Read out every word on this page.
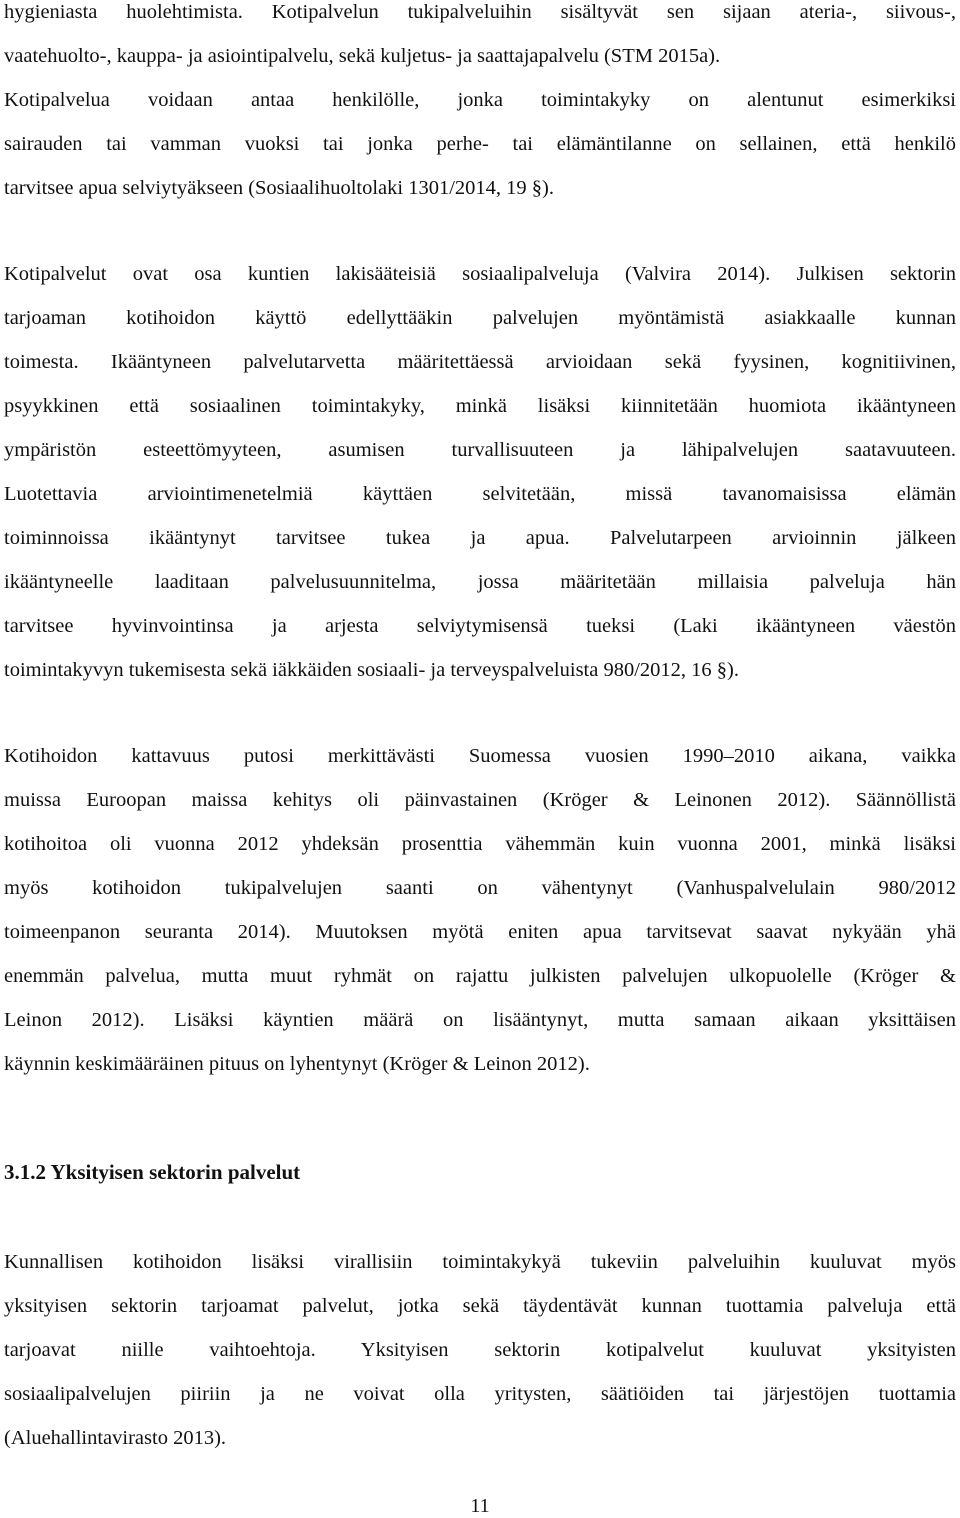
hygieniasta huolehtimista. Kotipalvelun tukipalveluihin sisältyvät sen sijaan ateria-, siivous-,

vaatehuolto-, kauppa- ja asiointipalvelu, sekä kuljetus- ja saattajapalvelu (STM 2015a).

Kotipalvelua voidaan antaa henkilölle, jonka toimintakyky on alentunut esimerkiksi

sairauden tai vamman vuoksi tai jonka perhe- tai elämäntilanne on sellainen, että henkilö

tarvitsee apua selviytyäkseen (Sosiaalihuoltolaki 1301/2014, 19 §).

Kotipalvelut ovat osa kuntien lakisääteisiä sosiaalipalveluja (Valvira 2014). Julkisen sektorin

tarjoaman kotihoidon käyttö edellyttääkin palvelujen myöntämistä asiakkaalle kunnan

toimesta. Ikääntyneen palvelutarvetta määritettäessä arvioidaan sekä fyysinen, kognitiivinen,

psyykkinen että sosiaalinen toimintakyky, minkä lisäksi kiinnitetään huomiota ikääntyneen

ympäristön esteettömyyteen, asumisen turvallisuuteen ja lähipalvelujen saatavuuteen.

Luotettavia arviointimenetelmiä käyttäen selvitetään, missä tavanomaisissa elämän

toiminnoissa ikääntynyt tarvitsee tukea ja apua. Palvelutarpeen arvioinnin jälkeen

ikääntyneelle laaditaan palvelusuunnitelma, jossa määritetään millaisia palveluja hän

tarvitsee hyvinvointinsa ja arjesta selviytymisensä tueksi (Laki ikääntyneen väestön

toimintakyvyn tukemisesta sekä iäkkäiden sosiaali- ja terveyspalveluista 980/2012, 16 §).

Kotihoidon kattavuus putosi merkittävästi Suomessa vuosien 1990–2010 aikana, vaikka

muissa Euroopan maissa kehitys oli päinvastainen (Kröger & Leinonen 2012). Säännöllistä

kotihoitoa oli vuonna 2012 yhdeksän prosenttia vähemmän kuin vuonna 2001, minkä lisäksi

myös kotihoidon tukipalvelujen saanti on vähentynyt (Vanhuspalvelulain 980/2012

toimeenpanon seuranta 2014). Muutoksen myötä eniten apua tarvitsevat saavat nykyään yhä

enemmän palvelua, mutta muut ryhmät on rajattu julkisten palvelujen ulkopuolelle (Kröger &

Leinon 2012). Lisäksi käyntien määrä on lisääntynyt, mutta samaan aikaan yksittäisen

käynnin keskimääräinen pituus on lyhentynyt (Kröger & Leinon 2012).

3.1.2 Yksityisen sektorin palvelut

Kunnallisen kotihoidon lisäksi virallisiin toimintakykyä tukeviin palveluihin kuuluvat myös

yksityisen sektorin tarjoamat palvelut, jotka sekä täydentävät kunnan tuottamia palveluja että

tarjoavat niille vaihtoehtoja. Yksityisen sektorin kotipalvelut kuuluvat yksityisten

sosiaalipalvelujen piiriin ja ne voivat olla yritysten, säätiöiden tai järjestöjen tuottamia

(Aluehallintavirasto 2013).

11
